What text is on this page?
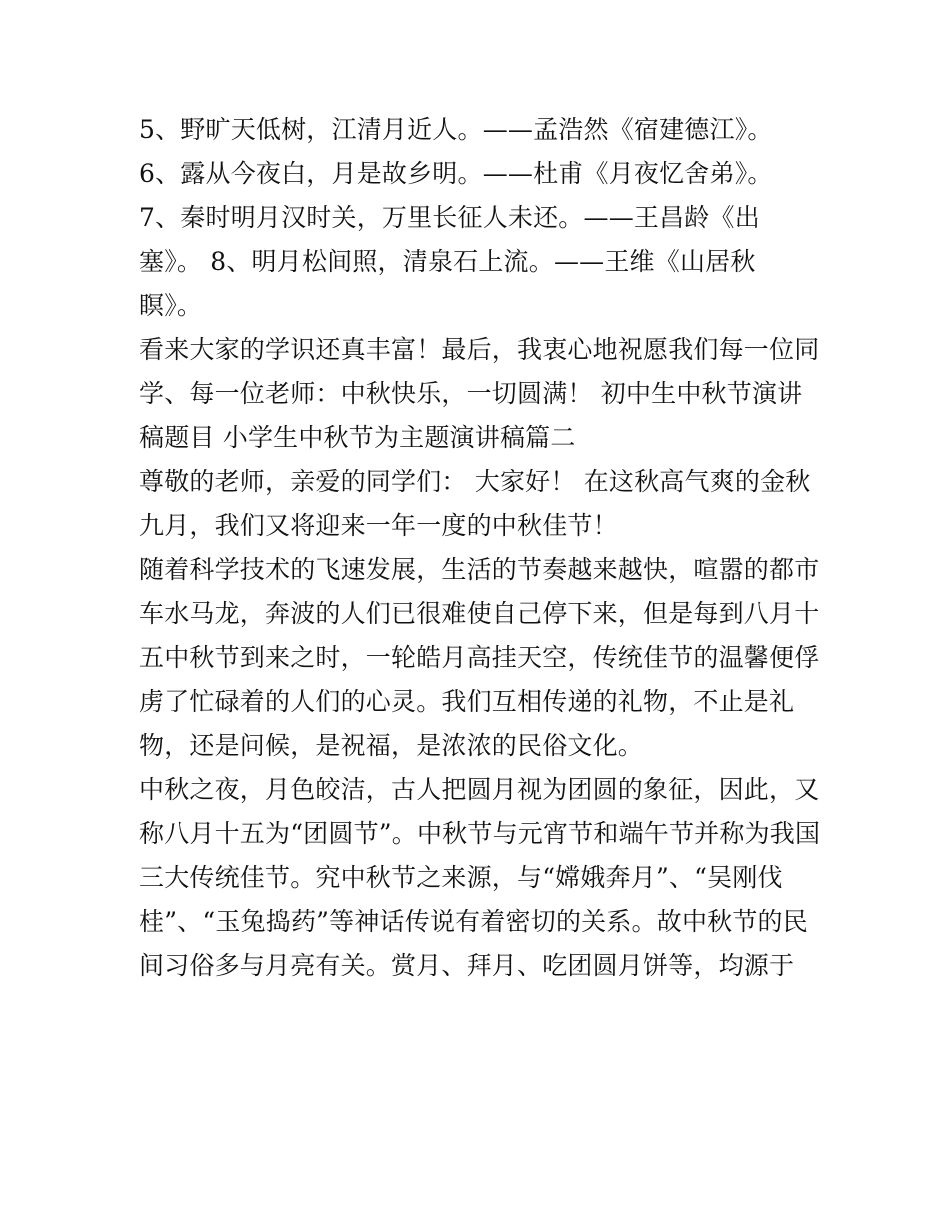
5、野旷天低树，江清月近人。——孟浩然《宿建德江》。
6、露从今夜白，月是故乡明。——杜甫《月夜忆舍弟》。
7、秦时明月汉时关，万里长征人未还。——王昌龄《出
塞》。 8、明月松间照，清泉石上流。——王维《山居秋
瞑》。
看来大家的学识还真丰富！最后，我衷心地祝愿我们每一位同
学、每一位老师：中秋快乐，一切圆满！ 初中生中秋节演讲
稿题目 小学生中秋节为主题演讲稿篇二
尊敬的老师，亲爱的同学们： 大家好！ 在这秋高气爽的金秋
九月，我们又将迎来一年一度的中秋佳节！
随着科学技术的飞速发展，生活的节奏越来越快，喧嚣的都市
车水马龙，奔波的人们已很难使自己停下来，但是每到八月十
五中秋节到来之时，一轮皓月高挂天空，传统佳节的温馨便俘
虏了忙碌着的人们的心灵。我们互相传递的礼物，不止是礼
物，还是问候，是祝福，是浓浓的民俗文化。
中秋之夜，月色皎洁，古人把圆月视为团圆的象征，因此，又
称八月十五为“团圆节”。中秋节与元宵节和端午节并称为我国
三大传统佳节。究中秋节之来源，与“嫦娥奔月”、“吴刚伐
桂”、“玉兔捣药”等神话传说有着密切的关系。故中秋节的民
间习俗多与月亮有关。赏月、拜月、吃团圆月饼等，均源于
